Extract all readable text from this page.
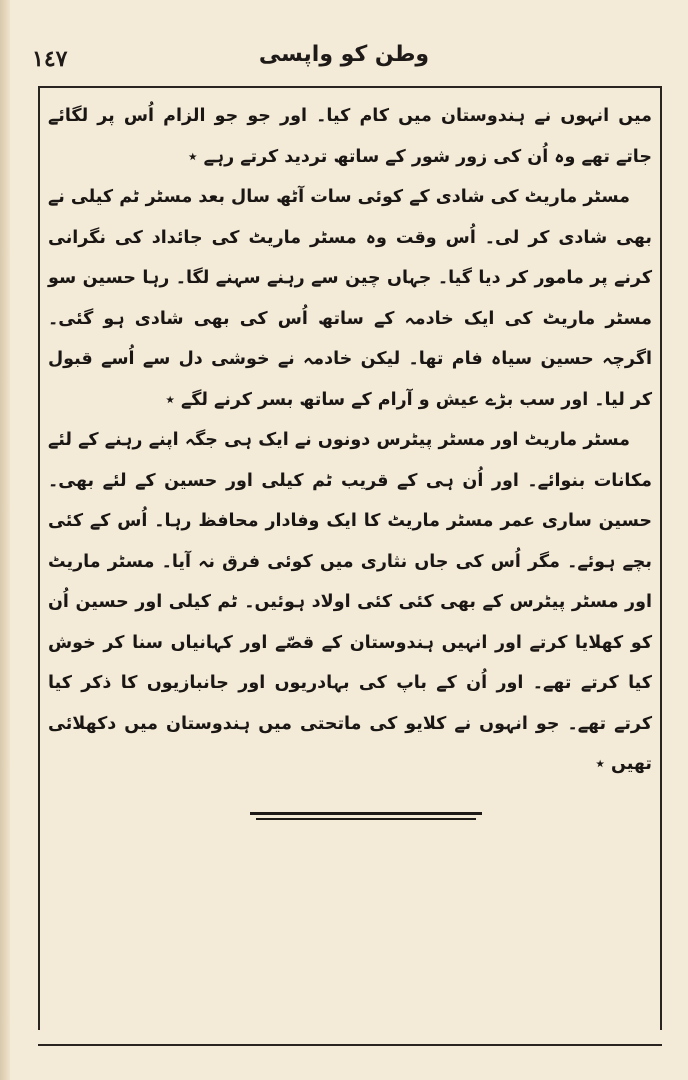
١٤٧	وطن کو واپسی

میں انہوں نے ہندوستان میں کام کیا۔ اور جو جو الزام اُس پر لگائے جاتے تھے وہ اُن کی زور شور کے ساتھ تردید کرتے رہے ٭

مسٹر ماریٹ کی شادی کے کوئی سات آٹھ سال بعد مسٹر ٹم کیلی نے بھی شادی کر لی۔ اُس وقت وہ مسٹر ماریٹ کی جائداد کی نگرانی کرنے پر مامور کر دیا گیا۔ جہاں چین سے رہنے سہنے لگا۔ رہا حسین سو مسٹر ماریٹ کی ایک خادمہ کے ساتھ اُس کی بھی شادی ہو گئی۔ اگرچہ حسین سیاہ فام تھا۔ لیکن خادمہ نے خوشی دل سے اُسے قبول کر لیا۔ اور سب بڑے عیش و آرام کے ساتھ بسر کرنے لگے ٭

مسٹر ماریٹ اور مسٹر پیٹرس دونوں نے ایک ہی جگہ اپنے رہنے کے لئے مکانات بنوائے۔ اور اُن ہی کے قریب ٹم کیلی اور حسین کے لئے بھی۔ حسین ساری عمر مسٹر ماریٹ کا ایک وفادار محافظ رہا۔ اُس کے کئی بچے ہوئے۔ مگر اُس کی جاں نثاری میں کوئی فرق نہ آیا۔ مسٹر ماریٹ اور مسٹر پیٹرس کے بھی کئی کئی اولاد ہوئیں۔ ٹم کیلی اور حسین اُن کو کھلایا کرتے اور انہیں ہندوستان کے قصّے اور کہانیاں سنا کر خوش کیا کرتے تھے۔ اور اُن کے باپ کی بہادریوں اور جانبازیوں کا ذکر کیا کرتے تھے۔ جو انہوں نے کلایو کی ماتحتی میں ہندوستان میں دکھلائی تھیں ٭
